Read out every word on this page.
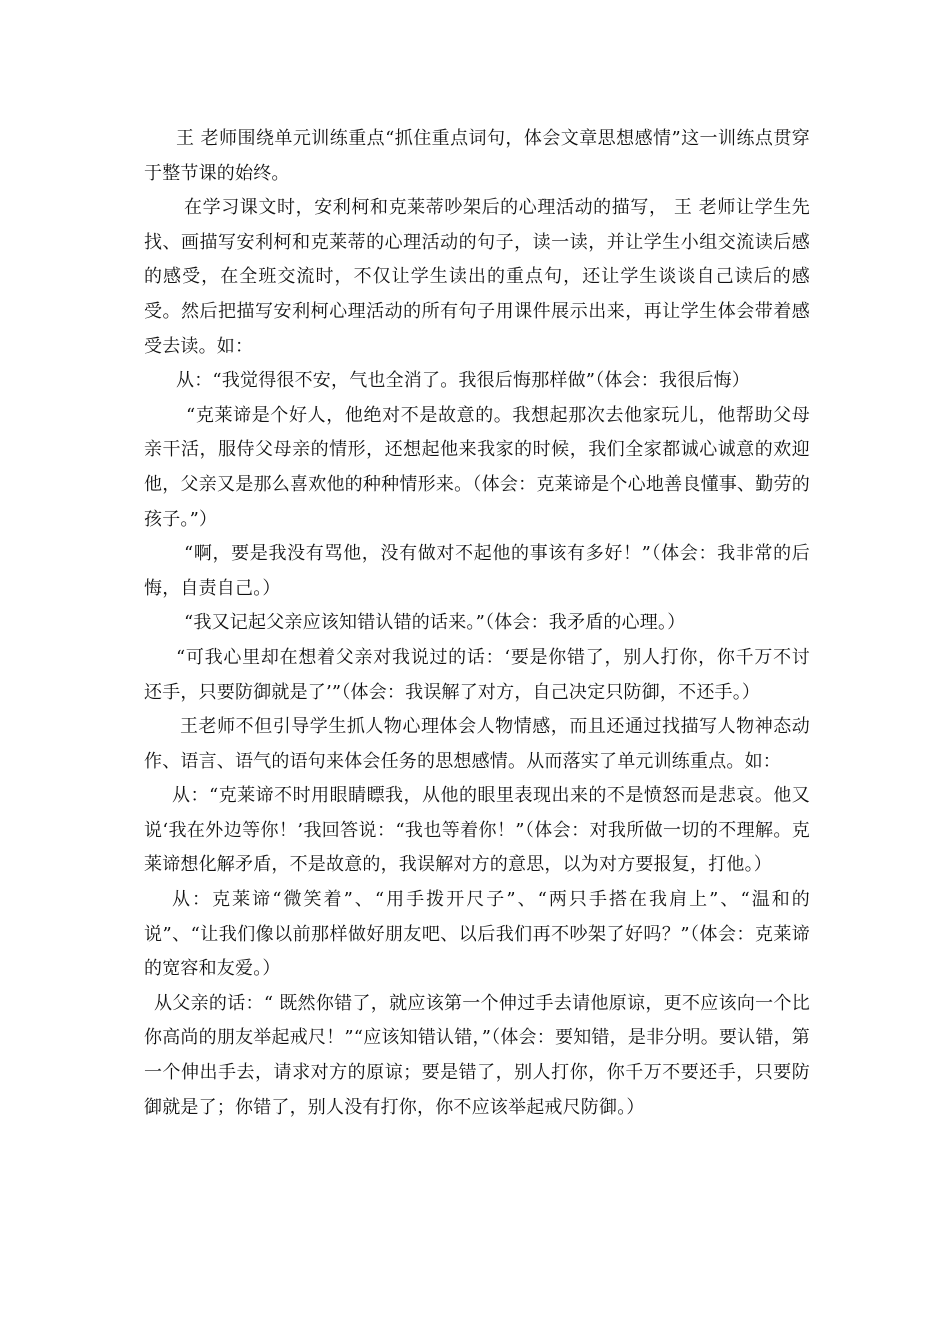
王 老师围绕单元训练重点“抓住重点词句，体会文章思想感情”这一训练点贯穿于整节课的始终。

在学习课文时，安利柯和克莱蒂吵架后的心理活动的描写， 王 老师让学生先找、画描写安利柯和克莱蒂的心理活动的句子，读一读，并让学生小组交流读后感的感受，在全班交流时，不仅让学生读出的重点句，还让学生谈谈自己读后的感受。然后把描写安利柯心理活动的所有句子用课件展示出来，再让学生体会带着感受去读。如：

从：“我觉得很不安，气也全消了。我很后悔那样做”（体会：我很后悔）

“克莱谛是个好人，他绝对不是故意的。我想起那次去他家玩儿，他帮助父母亲干活，服侍父母亲的情形，还想起他来我家的时候，我们全家都诚心诚意的欢迎他，父亲又是那么喜欢他的种种情形来。（体会：克莱谛是个心地善良懂事、勤劳的孩子。”）

“啊，要是我没有骂他，没有做对不起他的事该有多好！”（体会：我非常的后悔，自责自己。）

“我又记起父亲应该知错认错的话来。”（体会：我矛盾的心理。）

“可我心里却在想着父亲对我说过的话：‘要是你错了，别人打你，你千万不讨还手，只要防御就是了’”（体会：我误解了对方，自己决定只防御，不还手。）

王老师不但引导学生抓人物心理体会人物情感，而且还通过找描写人物神态动作、语言、语气的语句来体会任务的思想感情。从而落实了单元训练重点。如：

从：“克莱谛不时用眼睛瞟我，从他的眼里表现出来的不是愤怒而是悲哀。他又说‘我在外边等你！’我回答说：“我也等着你！”（体会：对我所做一切的不理解。克莱谛想化解矛盾，不是故意的，我误解对方的意思，以为对方要报复，打他。）

从：克莱谛“微笑着”、“用手拨开尺子”、“两只手搭在我肩上”、“温和的说”、“让我们像以前那样做好朋友吧、以后我们再不吵架了好吗？”（体会：克莱谛的宽容和友爱。）

从父亲的话：“ 既然你错了，就应该第一个伸过手去请他原谅，更不应该向一个比你高尚的朋友举起戒尺！”“应该知错认错，”（体会：要知错，是非分明。要认错，第一个伸出手去，请求对方的原谅；要是错了，别人打你，你千万不要还手，只要防御就是了；你错了，别人没有打你，你不应该举起戒尺防御。）
